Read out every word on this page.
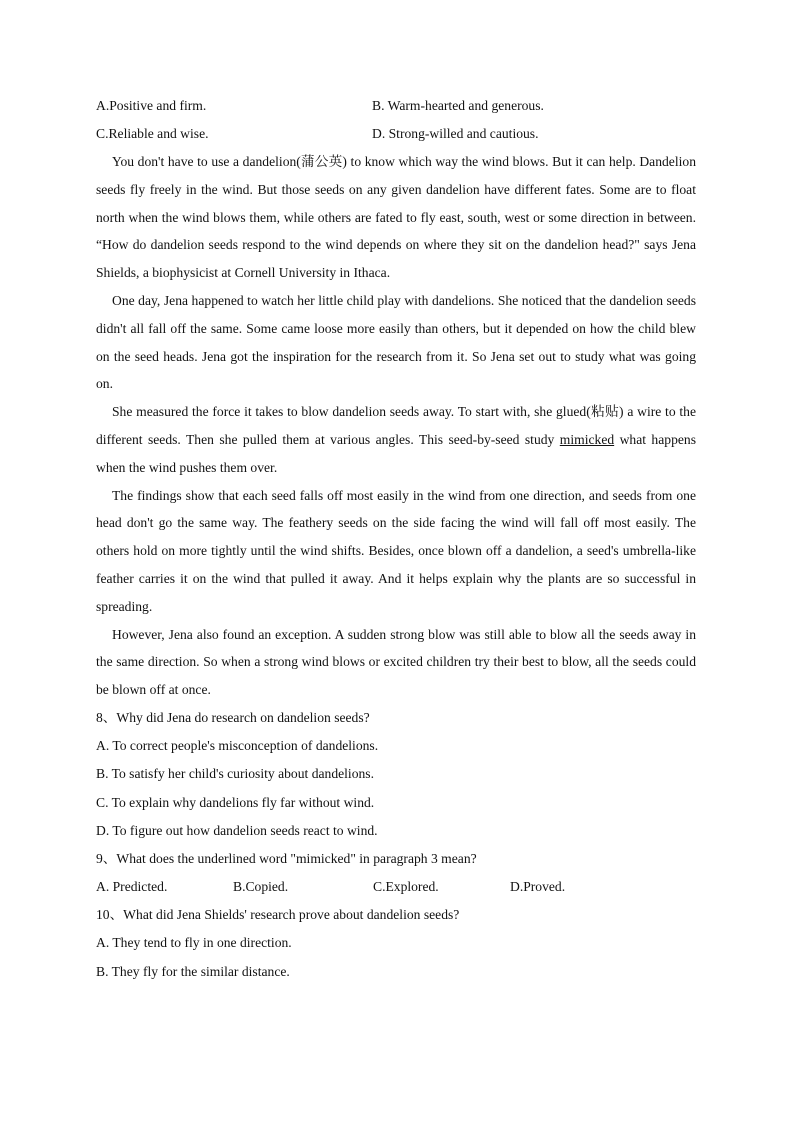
A.Positive and firm.	B. Warm-hearted and generous.
C.Reliable and wise.	D. Strong-willed and cautious.

You don't have to use a dandelion(蒲公英) to know which way the wind blows. But it can help. Dandelion seeds fly freely in the wind. But those seeds on any given dandelion have different fates. Some are to float north when the wind blows them, while others are fated to fly east, south, west or some direction in between. “How do dandelion seeds respond to the wind depends on where they sit on the dandelion head?" says Jena Shields, a biophysicist at Cornell University in Ithaca.

One day, Jena happened to watch her little child play with dandelions. She noticed that the dandelion seeds didn't all fall off the same. Some came loose more easily than others, but it depended on how the child blew on the seed heads. Jena got the inspiration for the research from it. So Jena set out to study what was going on.

She measured the force it takes to blow dandelion seeds away. To start with, she glued(粘贴) a wire to the different seeds. Then she pulled them at various angles. This seed-by-seed study mimicked what happens when the wind pushes them over.

The findings show that each seed falls off most easily in the wind from one direction, and seeds from one head don't go the same way. The feathery seeds on the side facing the wind will fall off most easily. The others hold on more tightly until the wind shifts. Besides, once blown off a dandelion, a seed's umbrella-like feather carries it on the wind that pulled it away. And it helps explain why the plants are so successful in spreading.

However, Jena also found an exception. A sudden strong blow was still able to blow all the seeds away in the same direction. So when a strong wind blows or excited children try their best to blow, all the seeds could be blown off at once.

8、Why did Jena do research on dandelion seeds?
A. To correct people's misconception of dandelions.
B. To satisfy her child's curiosity about dandelions.
C. To explain why dandelions fly far without wind.
D. To figure out how dandelion seeds react to wind.
9、What does the underlined word "mimicked" in paragraph 3 mean?
A. Predicted.	B.Copied.	C.Explored.	D.Proved.
10、What did Jena Shields' research prove about dandelion seeds?
A. They tend to fly in one direction.
B. They fly for the similar distance.
